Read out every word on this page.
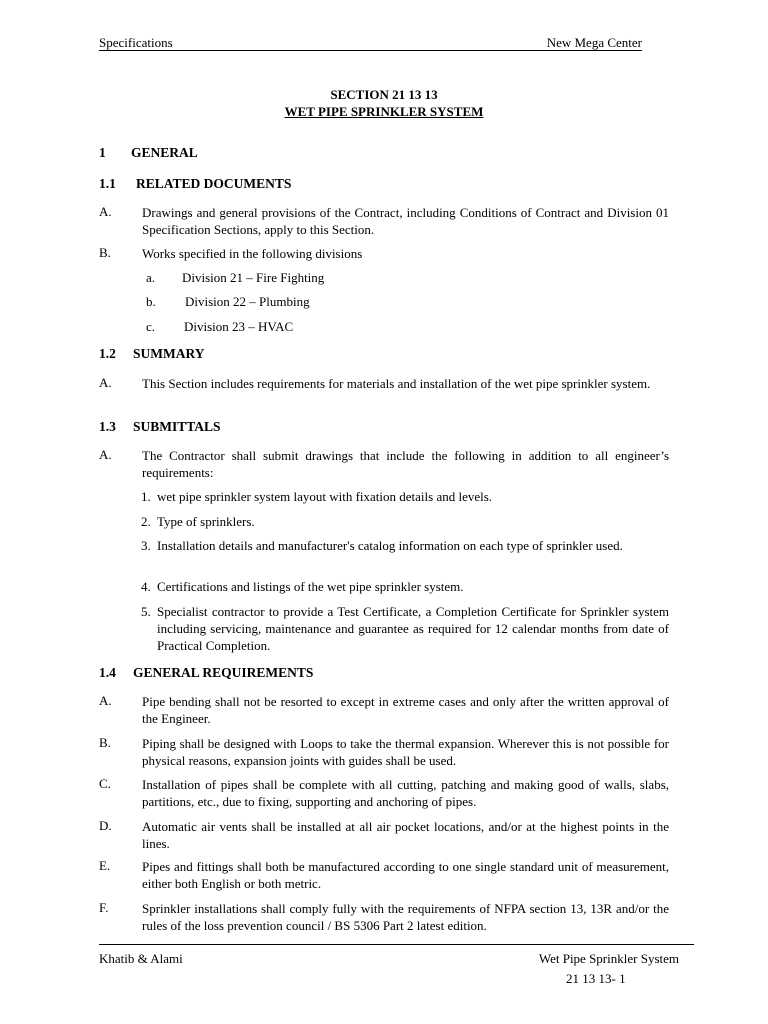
Specifications	New Mega Center
SECTION 21 13 13
WET PIPE SPRINKLER SYSTEM
1 GENERAL
1.1 RELATED DOCUMENTS
A. Drawings and general provisions of the Contract, including Conditions of Contract and Division 01 Specification Sections, apply to this Section.
B. Works specified in the following divisions
a. Division 21 – Fire Fighting
b. Division 22 – Plumbing
c. Division 23 – HVAC
1.2 SUMMARY
A. This Section includes requirements for materials and installation of the wet pipe sprinkler system.
1.3 SUBMITTALS
A. The Contractor shall submit drawings that include the following in addition to all engineer’s requirements:
1. wet pipe sprinkler system layout with fixation details and levels.
2. Type of sprinklers.
3. Installation details and manufacturer's catalog information on each type of sprinkler used.
4. Certifications and listings of the wet pipe sprinkler system.
5. Specialist contractor to provide a Test Certificate, a Completion Certificate for Sprinkler system including servicing, maintenance and guarantee as required for 12 calendar months from date of Practical Completion.
1.4 GENERAL REQUIREMENTS
A. Pipe bending shall not be resorted to except in extreme cases and only after the written approval of the Engineer.
B. Piping shall be designed with Loops to take the thermal expansion. Wherever this is not possible for physical reasons, expansion joints with guides shall be used.
C. Installation of pipes shall be complete with all cutting, patching and making good of walls, slabs, partitions, etc., due to fixing, supporting and anchoring of pipes.
D. Automatic air vents shall be installed at all air pocket locations, and/or at the highest points in the lines.
E. Pipes and fittings shall both be manufactured according to one single standard unit of measurement, either both English or both metric.
F.	Sprinkler installations shall comply fully with the requirements of NFPA section 13, 13R and/or the rules of the loss prevention council / BS 5306 Part 2 latest edition.
Khatib & Alami	Wet Pipe Sprinkler System
21 13 13- 1
